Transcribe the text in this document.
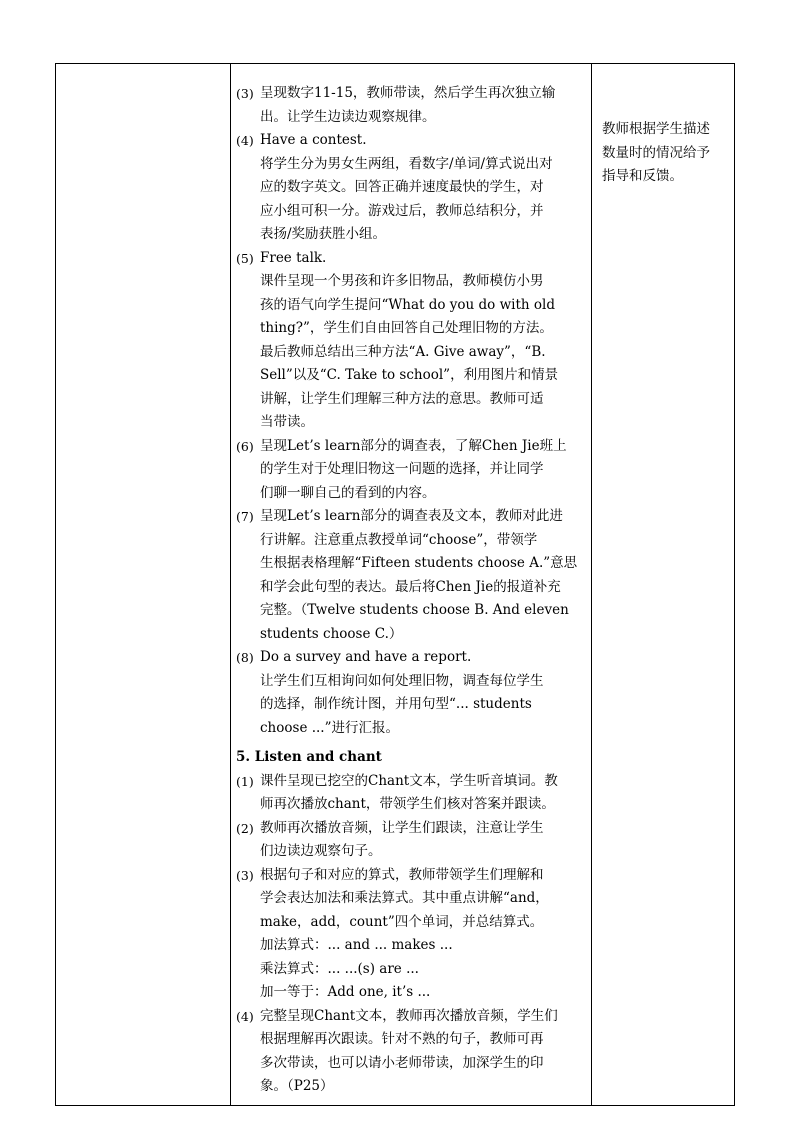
(3) 呈现数字11-15，教师带读，然后学生再次独立输
出。让学生边读边观察规律。
(4) Have a contest.
将学生分为男女生两组，看数字/单词/算式说出对
应的数字英文。回答正确并速度最快的学生，对
应小组可积一分。游戏过后，教师总结积分，并
表扬/奖励获胜小组。
(5) Free talk.
课件呈现一个男孩和许多旧物品，教师模仿小男
孩的语气向学生提问“What do you do with old
thing?”，学生们自由回答自己处理旧物的方法。
最后教师总结出三种方法“A. Give away”，“B.
Sell”以及“C. Take to school”，利用图片和情景
讲解，让学生们理解三种方法的意思。教师可适
当带读。
(6) 呈现Let’s learn部分的调查表，了解Chen Jie班上
的学生对于处理旧物这一问题的选择，并让同学
们聊一聊自己的看到的内容。
(7) 呈现Let’s learn部分的调查表及文本，教师对此进
行讲解。注意重点教授单词“choose”，带领学
生根据表格理解“Fifteen students choose A.”意思
和学会此句型的表达。最后将Chen Jie的报道补充
完整。（Twelve students choose B. And eleven
students choose C.）
(8) Do a survey and have a report.
让学生们互相询问如何处理旧物，调查每位学生
的选择，制作统计图，并用句型“... students
choose ...”进行汇报。
5. Listen and chant
(1) 课件呈现已挖空的Chant文本，学生听音填词。教
师再次播放chant，带领学生们核对答案并跟读。
(2) 教师再次播放音频，让学生们跟读，注意让学生
们边读边观察句子。
(3) 根据句子和对应的算式，教师带领学生们理解和
学会表达加法和乘法算式。其中重点讲解“and，
make，add，count”四个单词，并总结算式。
加法算式：... and ... makes ...
乘法算式：... ...(s) are ...
加一等于：Add one, it’s ...
(4) 完整呈现Chant文本，教师再次播放音频，学生们
根据理解再次跟读。针对不熟的句子，教师可再
多次带读，也可以请小老师带读，加深学生的印
象。（P25）
教师根据学生描述
数量时的情况给予
指导和反馈。
